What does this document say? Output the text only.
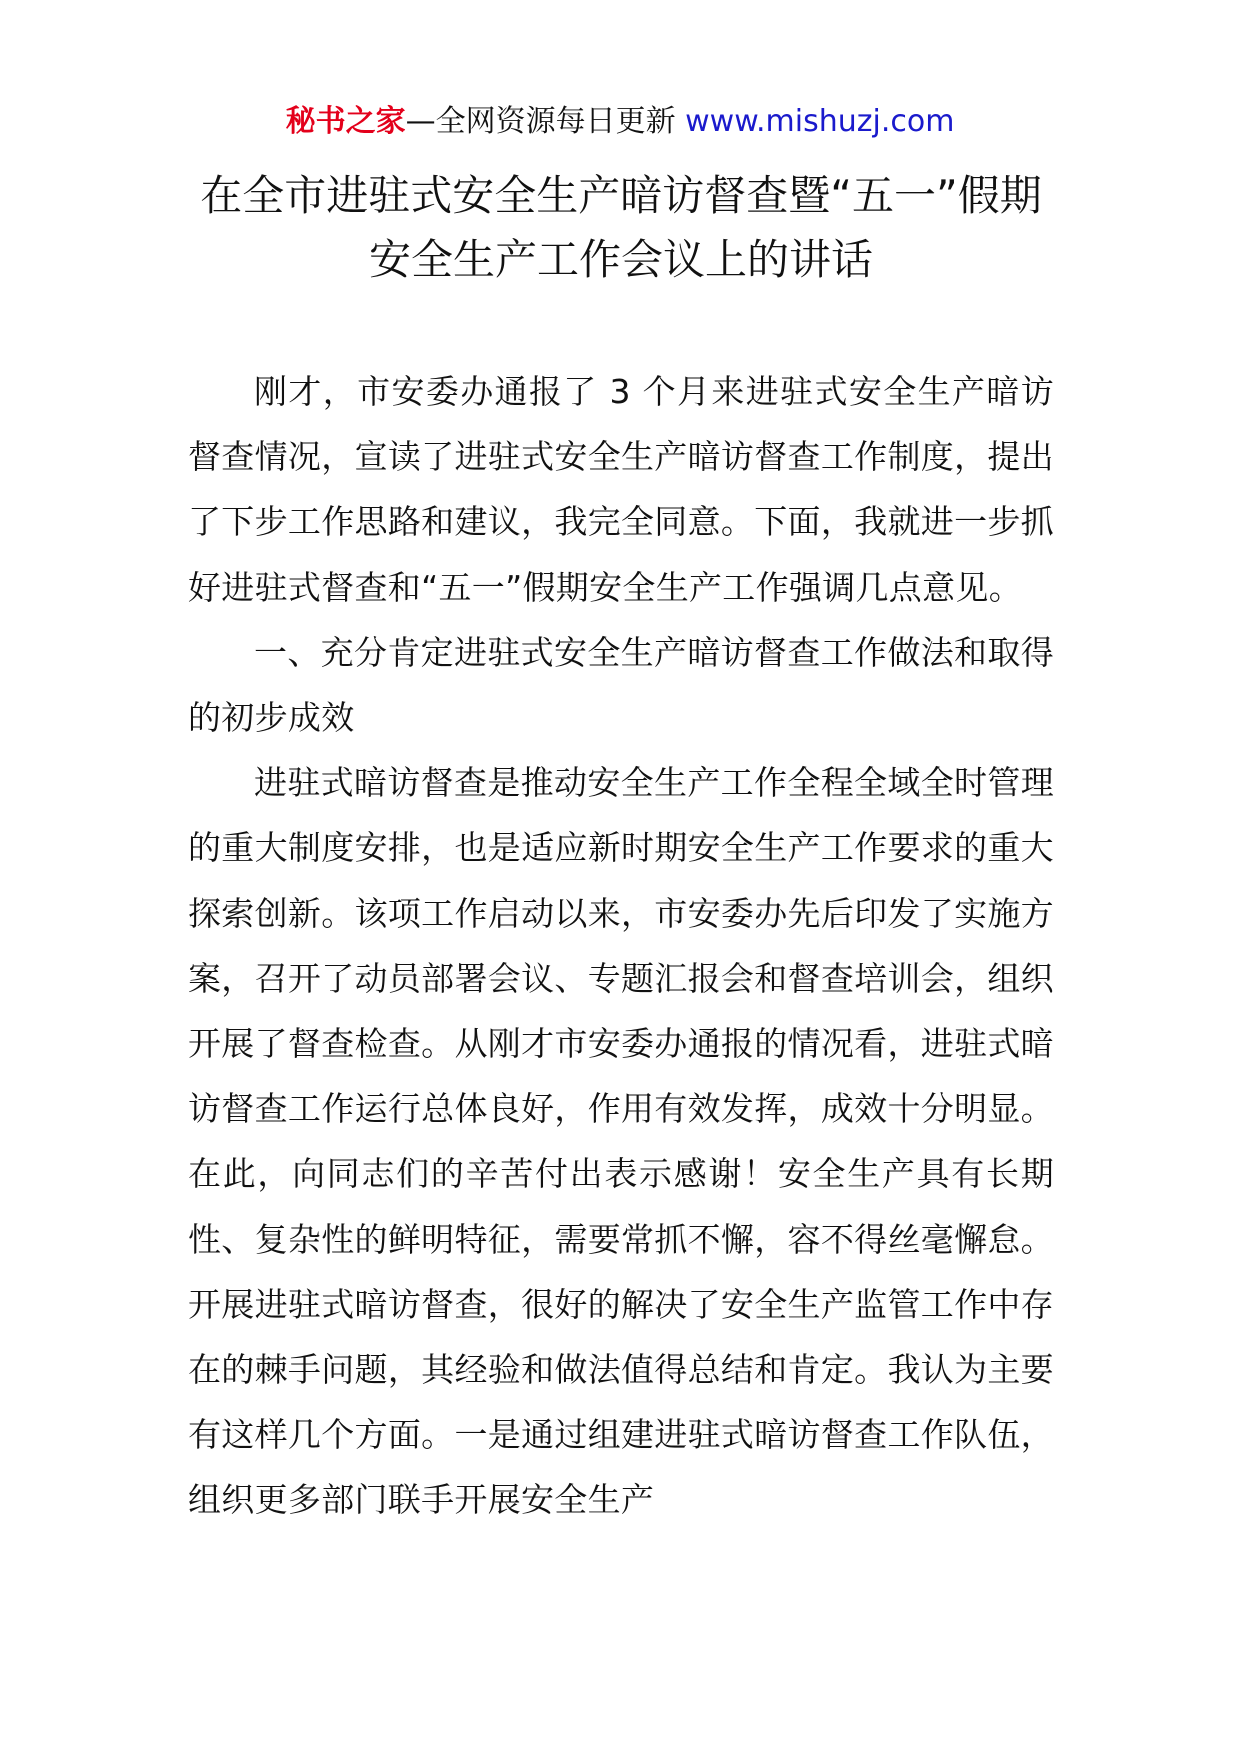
秘书之家—全网资源每日更新 www.mishuzj.com
在全市进驻式安全生产暗访督查暨“五一”假期安全生产工作会议上的讲话

刚才，市安委办通报了 3 个月来进驻式安全生产暗访督查情况，宣读了进驻式安全生产暗访督查工作制度，提出了下步工作思路和建议，我完全同意。下面，我就进一步抓好进驻式督查和“五一”假期安全生产工作强调几点意见。

一、充分肯定进驻式安全生产暗访督查工作做法和取得的初步成效

进驻式暗访督查是推动安全生产工作全程全域全时管理的重大制度安排，也是适应新时期安全生产工作要求的重大探索创新。该项工作启动以来，市安委办先后印发了实施方案，召开了动员部署会议、专题汇报会和督查培训会，组织开展了督查检查。从刚才市安委办通报的情况看，进驻式暗访督查工作运行总体良好，作用有效发挥，成效十分明显。在此，向同志们的辛苦付出表示感谢！安全生产具有长期性、复杂性的鲜明特征，需要常抓不懈，容不得丝毫懈怠。开展进驻式暗访督查，很好的解决了安全生产监管工作中存在的棘手问题，其经验和做法值得总结和肯定。我认为主要有这样几个方面。一是通过组建进驻式暗访督查工作队伍，组织更多部门联手开展安全生产
